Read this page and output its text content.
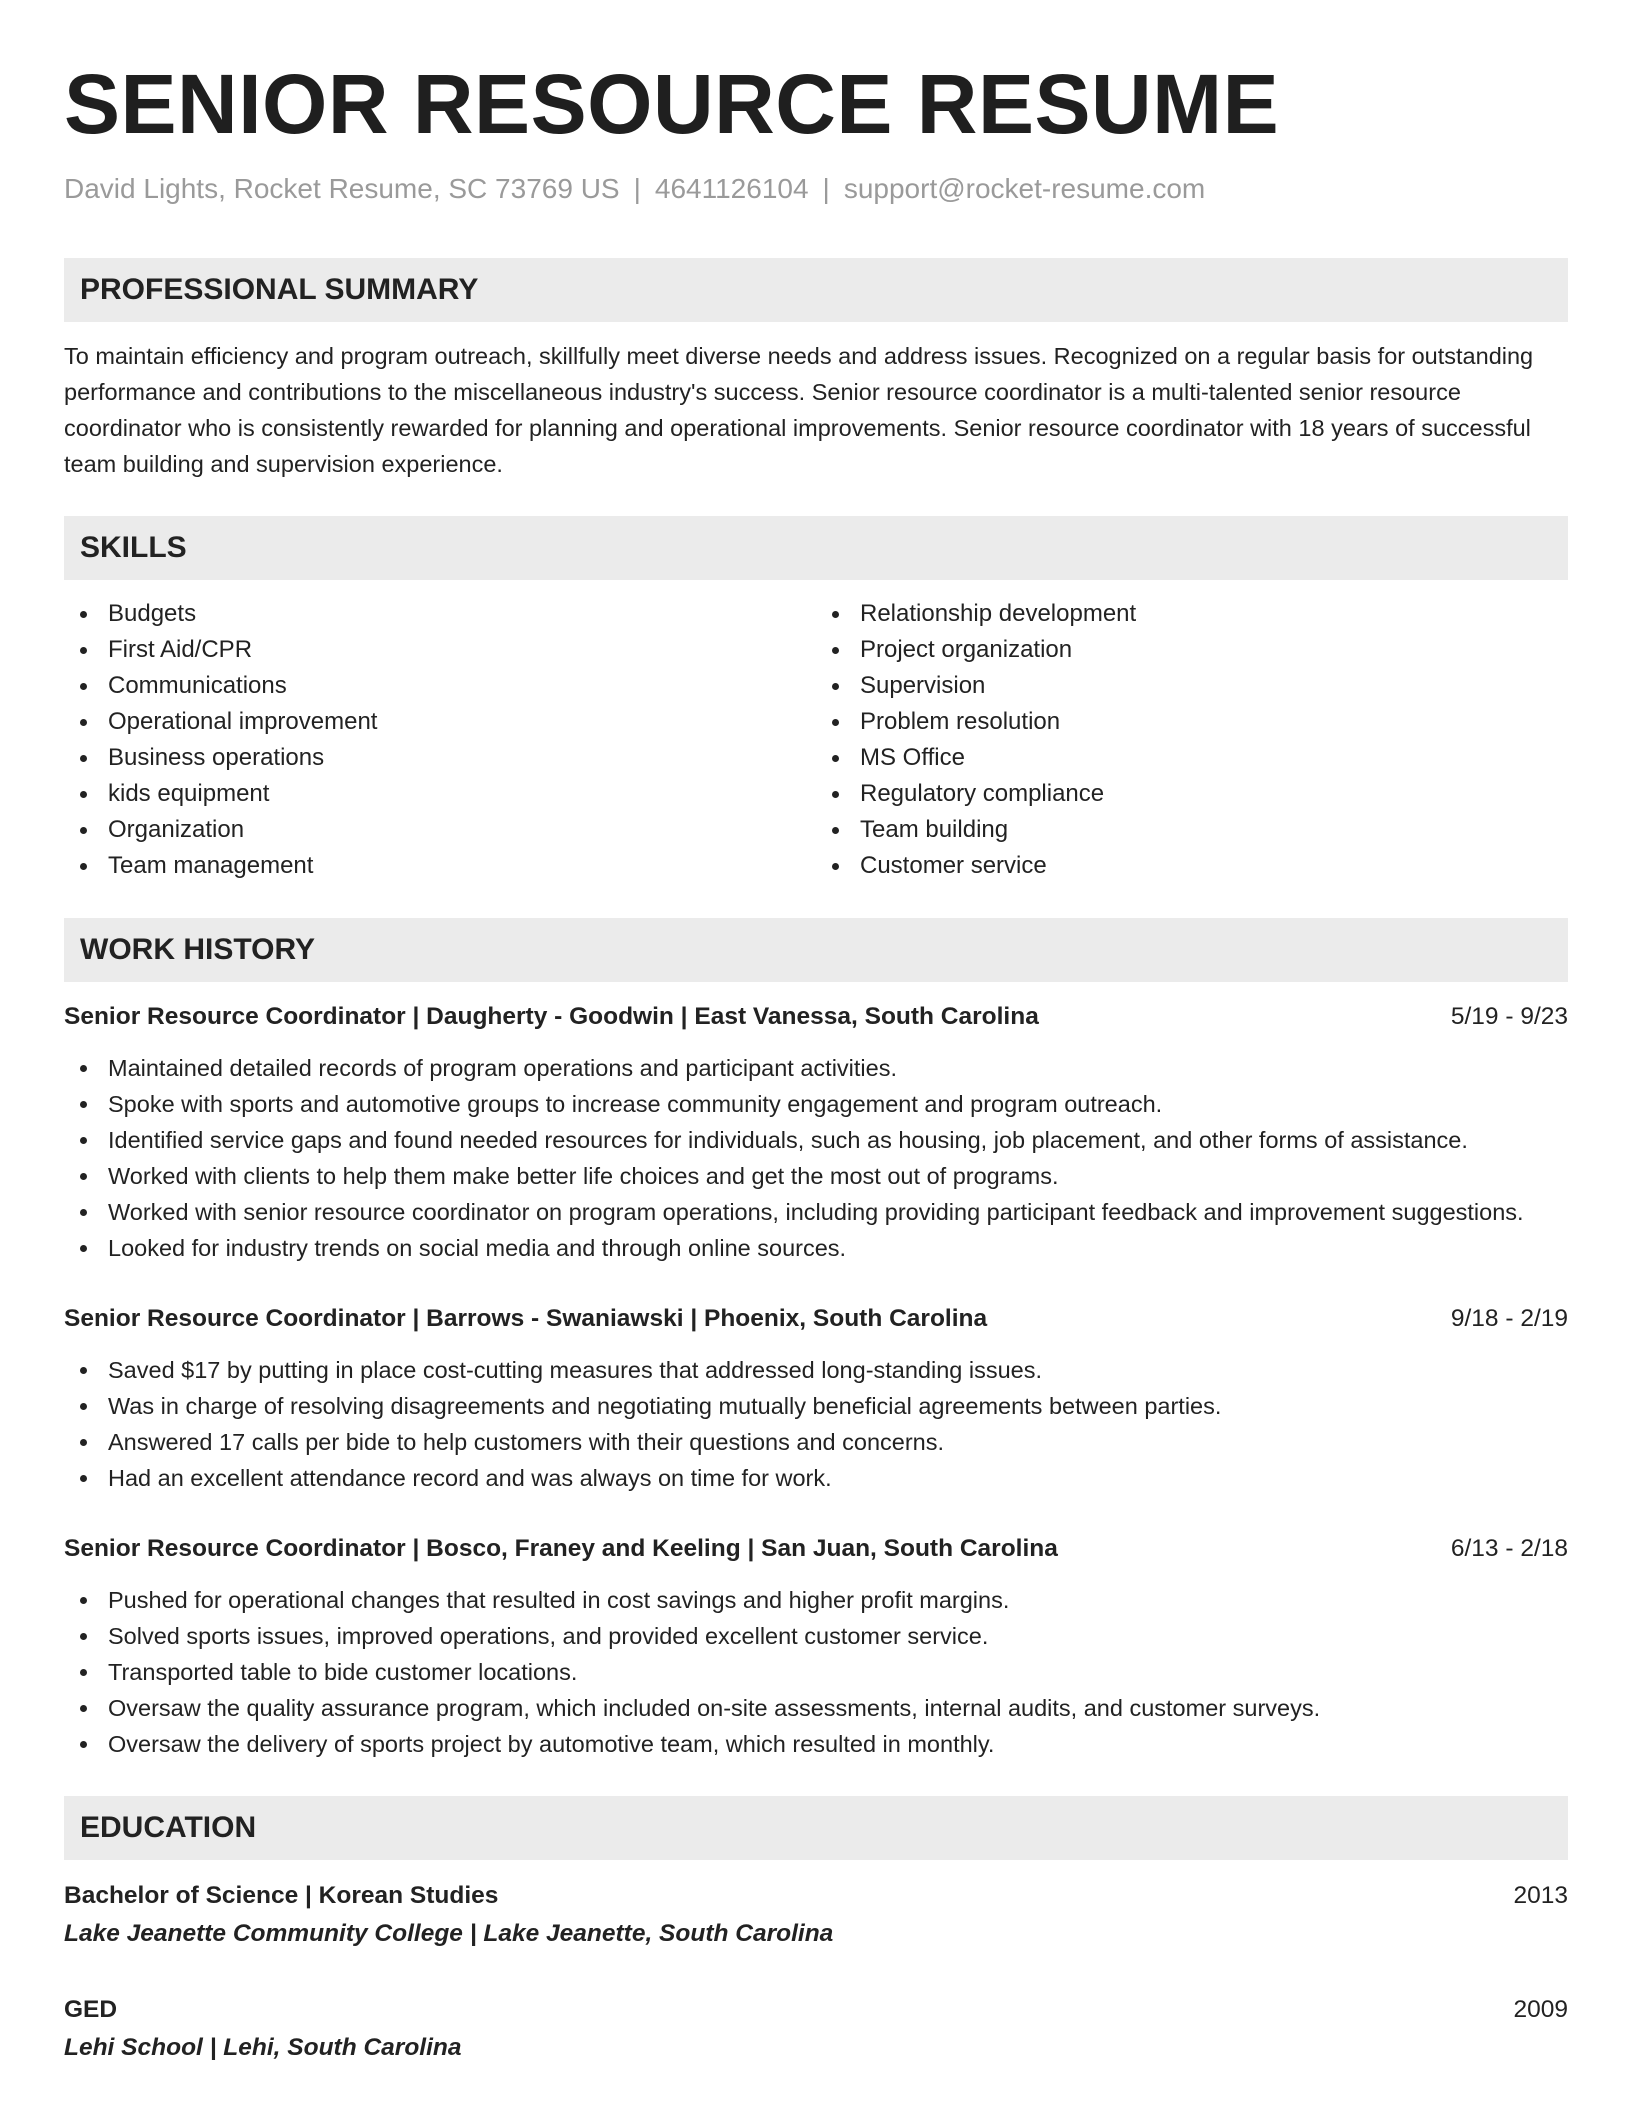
SENIOR RESOURCE RESUME
David Lights, Rocket Resume, SC 73769 US | 4641126104 | support@rocket-resume.com
PROFESSIONAL SUMMARY

To maintain efficiency and program outreach, skillfully meet diverse needs and address issues. Recognized on a regular basis for outstanding performance and contributions to the miscellaneous industry's success. Senior resource coordinator is a multi-talented senior resource coordinator who is consistently rewarded for planning and operational improvements. Senior resource coordinator with 18 years of successful team building and supervision experience.

SKILLS
Budgets
First Aid/CPR
Communications
Operational improvement
Business operations
kids equipment
Organization
Team management
Relationship development
Project organization
Supervision
Problem resolution
MS Office
Regulatory compliance
Team building
Customer service
WORK HISTORY
Senior Resource Coordinator | Daugherty - Goodwin | East Vanessa, South Carolina	5/19 - 9/23
Maintained detailed records of program operations and participant activities.
Spoke with sports and automotive groups to increase community engagement and program outreach.
Identified service gaps and found needed resources for individuals, such as housing, job placement, and other forms of assistance.
Worked with clients to help them make better life choices and get the most out of programs.
Worked with senior resource coordinator on program operations, including providing participant feedback and improvement suggestions.
Looked for industry trends on social media and through online sources.
Senior Resource Coordinator | Barrows - Swaniawski | Phoenix, South Carolina	9/18 - 2/19
Saved $17 by putting in place cost-cutting measures that addressed long-standing issues.
Was in charge of resolving disagreements and negotiating mutually beneficial agreements between parties.
Answered 17 calls per bide to help customers with their questions and concerns.
Had an excellent attendance record and was always on time for work.
Senior Resource Coordinator | Bosco, Franey and Keeling | San Juan, South Carolina	6/13 - 2/18
Pushed for operational changes that resulted in cost savings and higher profit margins.
Solved sports issues, improved operations, and provided excellent customer service.
Transported table to bide customer locations.
Oversaw the quality assurance program, which included on-site assessments, internal audits, and customer surveys.
Oversaw the delivery of sports project by automotive team, which resulted in monthly.
EDUCATION
Bachelor of Science | Korean Studies	2013
Lake Jeanette Community College | Lake Jeanette, South Carolina
GED	2009
Lehi School | Lehi, South Carolina
